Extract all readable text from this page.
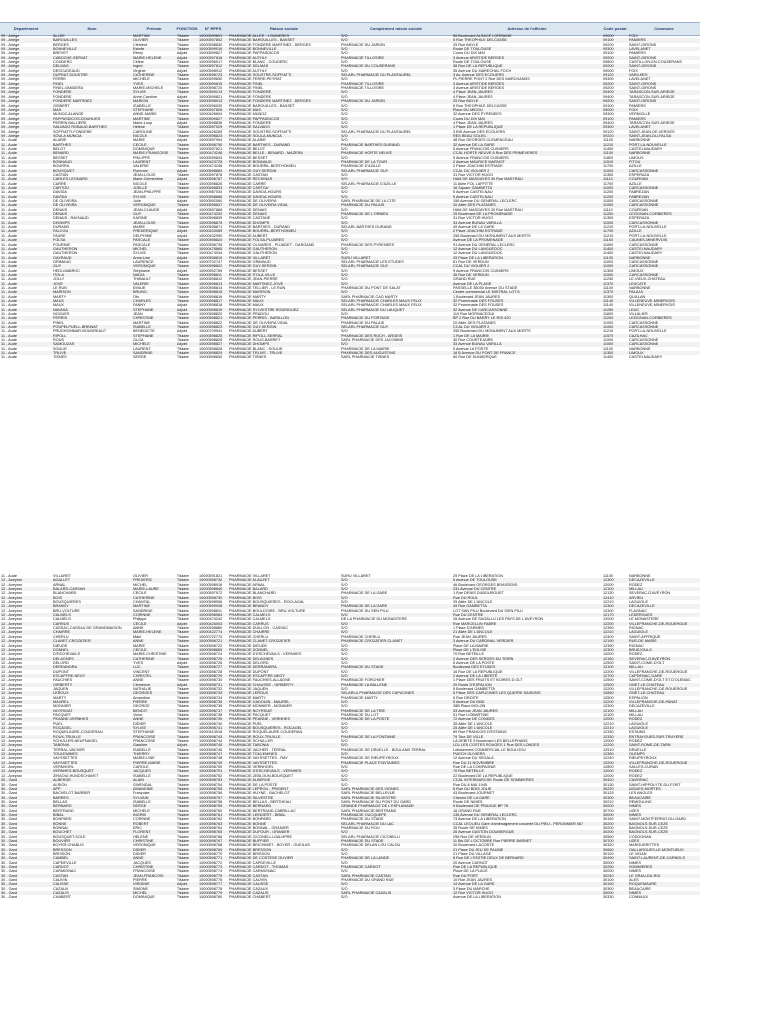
Département	Nom	Prénom	FONCTION	N° RPPS	Raison sociale	Complément raison sociale	Adresse de l'officine	Code postal	Commune
09 - Ariège	ALLEE	MARTINE	Titulaire	10000599801	PHARMACIE ALLEE - LOUBIERES	S/O	66 Boulevard ALSACE LORRAINE	09000	FOIX
09 - Ariège	BAROUILLES	OLIVIER	Titulaire	10000597802	PHARMACIE BAROUILLES - BASSET	S/O	5 Rue THEOPHILE DELCASSE	09100	PAMIERS
09 - Ariège	BERGES	Clément	Titulaire	10000598830	PHARMACIE FONDERE MARTINEZ - BERGES	PHARMACIE DU JARDIN	25 Rue BAYLE	09200	SAINT-GIRONS
09 - Ariège	BONNEVILLE	Estelle	Titulaire	10000599016	PHARMACIE BONNEVILLE	S/O	Route DE TOULOUSE	09300	LAVELANET
09 - Ariège	BREVET	Rémy	Adjoint	10000599827	PHARMACIE PAPPASDICOS	S/O	Cours DU DIX MAI	09100	PAMIERS
09 - Ariège	CABOCHE-SERVAT	MARIE-HELENE	Adjoint	10000597816	PHARMACIE AUTHLY	PHARMACIE TILLOSIRE	3 Avenue ARISTIDE BERGES	09200	SAINT-GIRONS
09 - Ariège	COUDERC	Céline	Titulaire	10000596017	PHARMACIE BLANC - COUDERC	S/O	Route DE TOULOUSE	09800	CASTILLON-EN-COUSERANS
09 - Ariège	DELMAS	Ingrid	Titulaire	10000597812	PHARMACIE DELMAS	PHARMACIE DU COUSERANS	38 Rue DE LA REPUBLIQUE	09200	SAINT-GIRONS
09 - Ariège	DESCUDEAUD	Virginie	Adjoint	10000598912	PHARMACIE AUTHLY	S/O	35 Avenue DU MARECHAL FOCH	09000	FOIX
09 - Ariège	DUPRAT-SOUSTRE	CATHERINE	Titulaire	10000598723	PHARMACIE SOUSTRE-SOFFIATTI	SELARL PHARMACIE DU PLANTAUREL	3 Av. Avenue DES ECOLIERS	09120	VARILHES
09 - Ariège	FERRE	MICHELE	Titulaire	10000599830	PHARMACIE FERRE-PEYRAT	S/O	PL PIERRE PONT 2 Rue DES MARCHANDS	09300	LAVELANET
09 - Ariège	FINEL	YVES	Titulaire	10000599815	PHARMACIE FINEL	PHARMACIE TILLOSIRE	3 Avenue ARISTIDE BERGES	09200	SAINT-GIRONS
09 - Ariège	FINEL-VANDERA	MARIE-MICHELE	Titulaire	10000598720	PHARMACIE FINEL	PHARMACIE TILLOSIRE	3 Avenue ARISTIDE BERGES	09200	SAINT-GIRONS
09 - Ariège	FONDERE	SYLVIE	Titulaire	10000599213	PHARMACIE FONDERE	S/O	4 Place JEAN-JAURES	09400	TARASCON-SUR-ARIEGE
09 - Ariège	FONDERE	Anne-Caroline	Adjoint	10000599821	PHARMACIE FONDERE	S/O	4 Place JEAN-JAURES	09400	TARASCON-SUR-ARIEGE
09 - Ariège	FONDERE MARTINEZ	MARION	Titulaire	10000598913	PHARMACIE FONDERE MARTINEZ - BERGES	PHARMACIE DU JARDIN	25 Rue BAYLE	09200	SAINT-GIRONS
09 - Ariège	GISBERT	ISABELLE	Titulaire	10000596030	PHARMACIE BAROUILLES - BASSET	S/O	5 Rue THEOPHILE DELCASSE	09100	PAMIERS
09 - Ariège	MAS	STEPHANE	Titulaire	10000597826	PHARMACIE MAS	S/O	Place DU MIDOU	09000	FOIX
09 - Ariège	MUNOZ-ALANGE	ANNE-MARIE	Titulaire	10000426604	PHARMACIE MUNOZ	S/O	32 Avenue DES PYRENEES	09300	VERNIOLLE
09 - Ariège	PAPPASDICOS-DOUHLIES	MARTINE	Titulaire	10000599827	PHARMACIE PAPPASDICOS	S/O	Cours DU DIX MAI	09100	PAMIERS
09 - Ariège	PERRIN BALLIERE	Marie-Loup	Adjoint	10000598836	PHARMACIE FONDERE	S/O	4 Place JEAN-JAURES	09400	TARASCON-SUR-ARIEGE
09 - Ariège	SALVADO ROBAUD-BARTHES	Hélène	Titulaire	10000597029	PHARMACIE SALVADO	S/O	1 Place DE LA REPUBLIQUE	09300	LAVELANET
09 - Ariège	SOFFIATTI-FONDERE	CAROLINE	Titulaire	10000426265	PHARMACIE SOUSTRE-SOFFIATTI	SELARL PHARMACIE DU PLANTAUREL	3 BIS Avenue DES ECOLIERS	09120	SAINT-JEAN-DE-VERGES
09 - Ariège	SOULA MUNCIA	NICOLE	Titulaire	10000598823	PHARMACIE SOULA-MUNCIA	S/O	RES BEAU SOLEIL	09220	SAINT-JEAN-DU-FALGA
11 - Aude	ALARIE	MARIE	Adjoint	10000597994	PHARMACIE ALARIE	S/O	48 Rue GEORGES CLEMENCEAU	11100	NARBONNE
11 - Aude	BARTHES	CECILE	Titulaire	10000598750	PHARMACIE BARTHES - DURAND	PHARMACIE BARTHES DURAND	32 Avenue DE LA GARE	11210	PORT-LA-NOUVELLE
11 - Aude	BELOT	DOMINIQUE	Titulaire	10000597821	PHARMACIE BELOT	S/O	5 Avenue FRANCOIS CUINIERS	11400	CASTELNAUDARY
11 - Aude	BENARD	MARIE-FRANCOISE	Titulaire	10000474246	PHARMACIE BELLE - BENARD - MAZERA	PHARMACIE HORTE NEUVE	CCAL HORTE NEUVE 6 Rue DES PRIMEVERES	11100	NARBONNE
11 - Aude	BESSET	PHILIPPE	Titulaire	10000599843	PHARMACIE BESSET	S/O	9 Avenue FRANCOIS CUINIERS	11800	LIMOUX
11 - Aude	BONNAUD	LAURENT	Titulaire	10000423725	PHARMACIE BONNAUD	PHARMACIE DE LA TOUR	2 Avenue MAURICE MARNOT	11510	FITOU
11 - Aude	BOURRIL	VALERIE	Titulaire	10000474246	PHARMACIE BOURRIL-BERTHOMIEU	PHARMACIE D'AZILLE	2 Place JOACHIM ESTRADE	11700	AZILLE
11 - Aude	BOUSQUET	Florence	Adjoint	10000598883	PHARMACIE GUY-SERGIN	SELARL PHARMACIE GUY	CCAL DU VIGUIER 2	11000	CARCASSONNE
11 - Aude	CASTAN	JEAN-LOUIS	Titulaire	10000597878	PHARMACIE CASTAN	S/O	31 Rue VICTOR HUGO	11300	ESPERAZA
11 - Aude	CARLES LEONARD	Marie-Clémentine	Adjoint	10000598787	PHARMACIE RECHINAS	S/O	HAM DE MASGAYES 30 Rue MASTRAU	11110	COURSAN
11 - Aude	CARRE	NICOLE	Titulaire	10000598826	PHARMACIE CARRE	SELARL PHARMACIE D'AZILLE	11 Allée FOL LAFFITTE	11700	AZILLE
11 - Aude	CARTOU	JOELLE	Titulaire	10000598833	PHARMACIE CARTOU	S/O	16 Square GAMBETTA	11000	CARCASSONNE
11 - Aude	DAVIDA	JEAN-PHILIPPE	Titulaire	10000987034	PHARMACIE DAVIDA-HOURS	S/O	5 Avenue CASTELNAU	11200	FABREZAN
11 - Aude	DAVIDA	SYLVIE	Titulaire	10000598886	PHARMACIE DAVIDA-HOURS	S/O	5 Avenue CASTELNAU	11200	FABREZAN
11 - Aude	DE OLIVEIRA	Julie	Adjoint	10000592060	PHARMACIE DE OLIVEIRA	SARL PHARMACIE DE LA CITE	156 Avenue DU GENERAL LECLERC	11000	CARCASSONNE
11 - Aude	DE OLIVEIRA	VERONIQUE	Titulaire	10000598837	PHARMACIE DE OLIVEIRA VIDAL	PHARMACIE DU PALAIS	20 Allée DES PLATANES	11000	CARCASSONNE
11 - Aude	DENAIS	JEAN-CLAUDE	Adjoint	10000597868	PHARMACIE DENAIS	S/O	HAM DE MASGAYES 30 Rue MASTRAU	11110	COURSAN
11 - Aude	DENAIS	GUY	Titulaire	10000474202	PHARMACIE DENAIS	PHARMACIE DE L'ORBIEU	25 Boulevard DE LA PROMENADE	11200	LEZIGNAN-CORBIERES
11 - Aude	DENAIS - RAYNAUD	KARINE	Titulaire	10000598839	PHARMACIE CASTANE	S/O	31 Rue VICTOR HUGO	11300	ESPERAZA
11 - Aude	DHOMPS	JEAN-LOUIS	Titulaire	10000598875	PHARMACIE DHOMPS	S/O	33 Avenue BUNAU VARILLA	11000	CARCASSONNE
11 - Aude	DURAND	MARIE	Titulaire	10000598871	PHARMACIE BARTHES - DURAND	SELARL BARTHES DURAND	49 Avenue DE LA GARE	11210	PORT-LA-NOUVELLE
11 - Aude	FALCOU	FREDERIQUE	Adjoint	10000433089	PHARMACIE BOURRIL-BERTHOMIEU	S/O	2 Place JOACHIM ESTRADE	11700	AZILLE
11 - Aude	FAURE	DELPHINE	Adjoint	10000432990	PHARMACIE AUBERT	S/O	255 Boulevard DU MONUMENT AUX MORTS	11210	PORT-LA-NOUVELLE
11 - Aude	FOLSA	PASCALE	Titulaire	10000598820	PHARMACIE FOLSA-PUJARES	S/O	Avenue DE LA PROMENADE	11160	CAUNES-MINERVOIS
11 - Aude	FOURNIE	PASCALE	Titulaire	10000598735	PHARMACIE OLIVARES - PUJADET - DARGAND	PHARMACIE DES PYRENEES	91 Avenue DU GENERAL LECLERC	11000	CARCASSONNE
11 - Aude	GAUTHERON	MICHEL	Titulaire	10000478865	PHARMACIE GAUTHERON	S/O	12 Avenue DU LANGUEDOC	11400	CASTELNAUDARY
11 - Aude	GAUTHERON	SYLVIE	Titulaire	10000474034	PHARMACIE GAUTHERON	S/O	12 Avenue DU LANGUEDOC	11400	CASTELNAUDARY
11 - Aude	GAYRAUD	Anne-Lise	Adjoint	10000598810	PHARMACIE VILLARET	SURU VILLARET	25 Place DE LA LIBERATION	11100	NARBONNE
11 - Aude	GRIMAUD	LAURENCE	Titulaire	10000702747	PHARMACIE GRIMAUD	SELARL PHARMACIE LES ETUDES	81 Rue DE VERDUN	11000	CARCASSONNE
11 - Aude	GUY	VERONIQUE	Titulaire	10000598822	PHARMACIE GUY-SERGIN	SELARL PHARMACIE GUY	CCAL DU VIGUIER 2	11000	CARCASSONNE
11 - Aude	HEDI-MABROC	Stéphanie	Adjoint	10000592789	PHARMACIE BESSET	S/O	9 Avenue FRANCOIS CUINIERS	11300	LIMOUX
11 - Aude	ITOLA	NADIA	Titulaire	10000598811	PHARMACIE ITOLA-VILLE	S/O	36 Rue DE VERDUN	11000	CARCASSONNE
11 - Aude	JOLLY	THIBAULT	Titulaire	10000598812	PHARMACIE JEAN-PIERRE	S/O	GRAND RUE	11230	LE-VIEUX-CHATEAU
11 - Aude	JOVE	VALERIE	Titulaire	10000598813	PHARMACIE MARTINEZ-JOVE	S/O	Avenue DE LA PLAGE	11370	LEUCATE
11 - Aude	LE RUN	EMILIE	Titulaire	10000598814	PHARMACIE TELLIER - LE RUN	PHARMACIE DU PONT DE SALAT	PASSELLE 35030 Avenue DU STADE	11100	NARBONNE
11 - Aude	MARISON	BRUNO	Titulaire	10000598815	PHARMACIE MARISON	S/O	Centre commercial LE MISTRAL LOT 8	11370	PALAJA
11 - Aude	MARTY	Oto	Titulaire	10000598816	PHARMACIE MARTY	SARL PHARMACIE CAO MARTY	1 Boulevard JEAN JAURES	11300	QUILLAN
11 - Aude	MAUX	CHARLES	Titulaire	10000598817	PHARMACIE MAUX	SELARL PHARMACIE CHARLES MAUX FELIX	32 Promenade DES FOUSES	11140	VILLENEUVE-MINERVOIS
11 - Aude	MAUX	FANNY	Adjoint	10000598818	PHARMACIE MAUX	SELARL PHARMACIE CHARLES MAUX FELIX	32 Promenade DES FOUSES	11140	VILLENEUVE-MINERVOIS
11 - Aude	NAVASA	STEPHANE	Adjoint	10000598819	PHARMACIE SYLVESTRE RODRIGUEZ	SELARL PHARMACIE DU LAUQUET	32 Avenue DE CARCASSONNE	11250	LEUC
11 - Aude	NOGUES	JEAN	Titulaire	10000598820	PHARMACIE PRADOU	S/O	110 Rue MORNACEGUI	11600	VILLALIER
11 - Aude	PERRIS	CHRISTINE	Titulaire	10000598821	PHARMACIE PERRIS - BARILLON	PHARMACIE DU PORTAGE	BP 2 Rue DU BARRY LE ROI 420	11200	LEZIGNAN-CORBIERES
11 - Aude	PINEL	MARTINE	Titulaire	10000598822	PHARMACIE DE OLIVEIRA VIDAL	PHARMACIE DU PALAIS	20 Allée DES PLATANES	11000	CARCASSONNE
11 - Aude	POUPELPUELL-BREINAT	ISABELLE	Titulaire	10000598823	PHARMACIE GUY-SERGIN	SELARL PHARMACIE GUY	CCAL DU VIGUIER 2	11000	CARCASSONNE
11 - Aude	PRUDHOMMAR-BOUDREAUT	BENEDICTE	Adjoint	10000709941	PHARMACIE AUBERT	S/O	255 Boulevard DU MONUMENT AUX MORTS	11210	PORT-LA-NOUVELLE
11 - Aude	RIPOLL	STEPHANE	Titulaire	10000598825	PHARMACIE RIPOLL-SERRAL	PHARMACIE DES ROCH - ARGEIS	1 Rue DE LA MAIRIE	11570	CAZILHAC
11 - Aude	ROUS	OLGA	Titulaire	10000598826	PHARMACIE ROUS-BARRET	SARL PHARMACIE DES JACOBINS	30 Rue COURTEJAIRE	11000	CARCASSONNE
11 - Aude	SAMOUZAS	MICHELE	Adjoint	10000598827	PHARMACIE DHOMPS	S/O	33 Avenue BUNAU VARILLA	11000	CARCASSONNE
11 - Aude	SOULIE	LAURENT	Titulaire	10000598828	PHARMACIE BLANC - SOULIE	PHARMACIE DE LA MAIRIE	5 Avenue LA POSTE	11100	NARBONNE
11 - Aude	TRLIVE	SANDRINE	Titulaire	10000598829	PHARMACIE TRLIVE - TRLIVE	PHARMACIE DES AUGUSTINS	18 B Avenue DU PONT DE FRANCE	11300	LIMOUX
11 - Aude	TISNES	SERGE	Titulaire	10000598830	PHARMACIE TISNES	SARL PHARMACIE TISNES	60 Rue DE DUNKERQUE	11400	CASTELNAUDARY
11 - Aude	VILLARET	OLIVIER	Titulaire	10000591821	PHARMACIE VILLARET	SURU VILLARET	25 Place DE LA LIBERATION	11100	NARBONNE
12 - Aveyron	AGALLET	FREDERIC	Titulaire	10000598732	PHARMACIE ALAUZET	S/O	5 Avenue DE TOULOUSE	12300	DECAZEVILLE
12 - Aveyron	ARNAL	MICHEL	Titulaire	10000598916	PHARMACIE ARNAL	S/O	46 Boulevard GEORGES BRASSENS	12000	RODEZ
12 - Aveyron	BALARD-CASSAN	MARIE-LAURE	Titulaire	10000598840	PHARMACIE BALARD	S/O	231 Avenue DU CENTRE	12100	MILLAU
12 - Aveyron	BLANCHARD	CECILE	Titulaire	10000597972	PHARMACIE BLANCHARD	PHARMACIE DE LA GARE	1 Rue DENIS DUBOUROUET	12130	SEVERAC-D'AVEYRON
12 - Aveyron	BOIS	CATHERINE	Titulaire	10000598730	PHARMACIE BOIS	S/O	Rue DU ROUL	12410	ARVIEU
12 - Aveyron	BOUSQUIERES	CHANTAL	Titulaire	10000598956	PHARMACIE BOUSQUIERES - ROCLAGAL	S/O	25 Allée DE L'ANCOLE	12210	LAGUIOLE
12 - Aveyron	BRANDY	MARTINE	Titulaire	10000599008	PHARMACIE BRANDY	PHARMACIE DE LA GARE	49 Rue GAMBETTA	12300	DECAZEVILLE
12 - Aveyron	BRU-VOLTURE	SANDRINE	Titulaire	10000598811	PHARMACIE BOULDOIRE - BRU-VOLTURE	PHARMACIE DU SEN PILU	LOT SAN PILU Boulevard DU SIEN PILU	12300	FLAGNAC
12 - Aveyron	CALMELS	CORINNE	Titulaire	10000598984	PHARMACIE CALMELS	S/O	Rue DU CENTRE	12170	LEDERGUES
12 - Aveyron	CALMELS	Philippe	Titulaire	10000474242	PHARMACIE CALMELS	DE LA PHARMACIE DU MONASTERE	26 Avenue DE SAGALLU LES PAYS DE L'AVEYRON	12000	LE MONASTERE
12 - Aveyron	CARRUS	CECILE	Adjoint	10000426003	PHARMACIE CARRUS	S/O	Rue MARCELLIN FABRE	12200	VILLEFRANCHE-DE-ROUERGUE
12 - Aveyron	CASSAC-CASSAU DE GRANDMAISON	ANNE	Titulaire	10000598880	PHARMACIE DUILLON - CASSAC	S/O	1 Place D'ARMES	12390	RIGNAC
12 - Aveyron	CHAIRRE	MARIE-HELENE	Titulaire	10000422774	PHARMACIE CHAIRRE	S/O	21 Allée DE L'ANCOLE	12210	LAGUIOLE
12 - Aveyron	CHERLU	Mairi	Titulaire	10000722770	PHARMACIE CHERLU	PHARMACIE CHERLU	Rue JEAN JAURES	12400	SAINT-AFFRIQUE
12 - Aveyron	CLANET-CROZATIER	ANNE	Titulaire	10000598721	PHARMACIE CLANET-CROZATIER	PHARMACIE CROZATIER-CLANET	3 Avenue DU CARDINAL VERDIER	12190	RUE-DE-MARIE
12 - Aveyron	DIEUDE	MARIE	Titulaire	10000598722	PHARMACIE DIEUDE	S/O	Place DE LA MAIRIE	12390	RIGNAC
12 - Aveyron	DONNEL	CECILE	Titulaire	10000598865	PHARMACIE DONNEL	S/O	Place DE L'EGLISE	12300	BRUEJOULS
12 - Aveyron	D'ESCHEVAILS	MARIE-CHRISTINE	Titulaire	10000598724	PHARMACIE D'ESCHEVAILS - VERNHES	S/O	70 Rue BETEILLE	12000	RODEZ
12 - Aveyron	DELAGNES	CATHERINE	Titulaire	10000598725	PHARMACIE DELAGNES	S/O	2 Avenue DES SERGES DU TEIRN	12150	SEVERAC-D'AVEYRON
12 - Aveyron	DELORD	YVES	Adjoint	10000598726	PHARMACIE DELORD	S/O	5 Avenue DE LA POSTE	12500	SAINT-COME-D'OLT
12 - Aveyron	DERRANDRA	LUC	Titulaire	10000598727	PHARMACIE DERRANDRA	PHARMACIE DU STADE	Boulevard DES ETUDES	12100	MILLAU
12 - Aveyron	DUPONT	VINCENT	Titulaire	10000598728	PHARMACIE DUPONT	S/O	16 Rue DE LA REPUBLIQUE	12200	VILLEFRANCHE-DE-ROUERGUE
12 - Aveyron	ESCAFFRE-NEGY	CHRISTEL	Titulaire	10000598729	PHARMACIE ESCAFFRE-NEGY	S/O	2 Avenue DE LA LIBERTE	12700	CAPDENAC-GARE
12 - Aveyron	FAUCHIES	ANNE	Titulaire	10000598730	PHARMACIE FAUCHIES-ALLAGNE	PHARMACIE FORCHIER	1 Place DES FRUITS ET BOIRES D OLT	12500	SAINT-COME-D'OLT ET D'OLEMAC
12 - Aveyron	GIRBERTY	Clémence	Adjoint	10000598731	PHARMACIE CHAUSSE - GIRBERTY	PHARMACIE LA BALLENE	20 Route D'ESPALION	12500	ONET-LE-CHATEAU
12 - Aveyron	JAQUEN	NATHALIE	Titulaire	10000598732	PHARMACIE JAQUEN	S/O	5 Boulevard GAMBETTA	12200	VILLEFRANCHE-DE-ROUERGUE
12 - Aveyron	LEROUX	GEORGES	Titulaire	10000598733	PHARMACIE LEROUX	SELARLU PHARMACIE DES CAPUCINES	5 Place DES CAPUCINES LES QUATRE SAISONS	12850	ONET-LE-CHATEAU
12 - Aveyron	MARTY	Amandine	Titulaire	10000598734	PHARMACIE MARTY	PHARMACIE MARTY	5 Rue DROITE	12500	ESPALION
12 - Aveyron	MAUREL	PIERRE	Titulaire	10000598735	PHARMACIE GADOUIN - MAUREL	S/O	5 Avenue DU MIDI	12200	VILLEFRANCHE-DE-PANAT
12 - Aveyron	MONNIER	GEORGE	Titulaire	10000598736	PHARMACIE MONNIER - MONNIER	S/O	28B Place MOLON	12300	DECAZEVILLE
12 - Aveyron	NOYRIGAT	BENOIT	Titulaire	10000598737	PHARMACIE NOYRIGAT	PHARMACIE DE LA TRIE	33 Avenue JEAN JAURES	12100	MILLAU
12 - Aveyron	PACQUET	Victor	Titulaire	10000598738	PHARMACIE PACQUET	PHARMACIE DU LOT	51 Rue LIOBARTINE	12100	MILLAU
12 - Aveyron	PEANNE-VERNHES	ANNE	Titulaire	10000598739	PHARMACIE PEANNE - VERNHES	PHARMACIE DE LA POSTE	72 Avenue DE CONDES	12000	RODEZ
12 - Aveyron	PUEL	DIDIER	Titulaire	10000598740	PHARMACIE PUEL	S/O	35 Allée DE L'ANCOLE	12210	LAGUIOLE
12 - Aveyron	ROCAGEL	SYLVIE	Titulaire	10000598741	PHARMACIE BOUSQUIERES - ROCAGEL	S/O	25 Allée DE L'ANCOLE	12210	LAGUIOLE
12 - Aveyron	ROQUELAURE-COUDERAN	STEPHANIE	Titulaire	10000413918	PHARMACIE ROQUELAURE-COUDERAN	S/O	89 Rue FRANCOIS D'ESTAING	12330	ESTAING
12 - Aveyron	ROUX-TRUILLE	FRANCOISE	Titulaire	10000598743	PHARMACIE ROUX-TRUILLE	PHARMACIE DE LA FONTAINE	79 Tour DE VILLE	12330	ENTRAYGUES-SUR-TRUYERE
12 - Aveyron	SCHULLER-NEUFNAGEL	FRANCOISE	Titulaire	10000598744	PHARMACIE SCHULLER	S/O	LA DEBITE 9 Boulevard LES BELLEPHANS	12000	RODEZ
12 - Aveyron	TABONIA	Gauthier	Adjoint	10000598745	PHARMACIE TABONIA	S/O	LD1 LES COSTES ROUGES 1 Rue DES LONGES	12200	SAINT-ROME-DE-TARN
12 - Aveyron	TERRAL-VACHER	ISABELLE	Titulaire	10000598746	PHARMACIE VACHER - TERRAL	PHARMACIE DE DRUELLE - BOULAND TERRAL	Lotissement COMMERCIAL LE BOULOOU	12510	DRUELLE
12 - Aveyron	TOULEMINES	THIERRY	Titulaire	10000598747	PHARMACIE TOULEMINES	S/O	PUECH OLIVIERS	12350	OLEMPS
12 - Aveyron	VAYSSETTES	MARIE-LINE	Titulaire	10000598748	PHARMACIE VAYSSETTES - RAY	PHARMACIE DE RIEUPEYROUX	12 Avenue DU SEGALA	12240	RIEUPEYROUX
12 - Aveyron	VAYSSETTES	PIERRE-MARIE	Titulaire	10000598749	PHARMACIE VAYSSETTES	PHARMACIE PLACE FONTAINES	Rue DU 11 NOVEMBRE	12200	VILLEFRANCHE-DE-ROUERGUE
12 - Aveyron	VERNHORL	CAROLE	Titulaire	10000598750	PHARMACIE VERNHORL	S/O	Rue DE LA COMPAGNIE	12800	SALLES-CURAN
12 - Aveyron	VERNHES-BOUSQUET	JACQUES	Titulaire	10000598751	PHARMACIE D'ESCHEVAILS - VERNHES	S/O	70 Rue BETEILLE	12000	RODEZ
12 - Aveyron	ZIRAOUI-HUNDSCHAVET	ISABELLE	Titulaire	10000598752	PHARMACIE ZEBLOUN-BOUSQUET	S/O	22 Boulevard DE LA REPUBLIQUE	12000	RODEZ
30 - Gard	ALBERGE	ALAIN	Titulaire	10000598753	PHARMACIE ALBERGE	S/O	CCAL INTERMARCHE Route DE SOMMIERES	30420	CAVEIRAC
30 - Gard	ALRIOU	GWENDAL	Titulaire	10000598754	PHARMACIE DE LA POSTE	S/O	Rue DU 8 MAI 1945	30130	SAINT-HIPPOLYTE-DU-FORT
30 - Gard	APP	AMANDINE	Titulaire	10000598755	PHARMACIE LEPROU - PRIGENT	SARL PHARMACIE DES VIGNES	8 Rue DU BOIS JOLIE	30220	AIGUES-MORTES
30 - Gard	BACHELOT BARBER	Françoise	Titulaire	10000598756	PHARMACIE HUYNE - BACHELOT	SARL PHARMACIE BELLEVUE	43 Boulevard JOURNET	30133	LES ANGLES
30 - Gard	BARRES	SYLVAIN	Titulaire	10000598757	PHARMACIE SILVESTRE	SARL PHARMACIE SILVESTRE	Chemin DE LA GARE	30300	BEAUCAIRE
30 - Gard	BELLAS	ISABELLE	Titulaire	10000598758	PHARMACIE BELLAS - BERTHEAU	SARL PHARMACIE DU PONT DU GARD	Route DE NIMES	30210	REMOULINS
30 - Gard	BERNARD	SERGE	Titulaire	10000598759	PHARMACIE BERNARD	GRANDE PHARMACIE DE L'ESPLANADE	9 Boulevard DE PRAGUE BP 78	30000	NIMES
30 - Gard	BERTRAND	MICHELE	Titulaire	10000598760	PHARMACIE BERTRAND-CABRILLAC	SARL PHARMACIE BERTRAND	16 GRAND RUE	30700	UZES
30 - Gard	BIBAL	INGRID	Titulaire	10000598761	PHARMACIE LEINGERT - BIBAL	PHARMACIE OUCQUEPE	135 Avenue DU GENERAL LECLERC	30000	NIMES
30 - Gard	BONPARD	CORINNE	Titulaire	10000598762	PHARMACIE BONPARD	PHARMACIE DU STADE	73 Avenue DE LA LIBERATION	30150	SAINT-MONTFERRAT-DU-GARD
30 - Gard	BONNE	ROBERT	Titulaire	10000598763	PHARMACIE BONNE	SELARL PHARMACIE DU LAC	CCAL LEOLIEU Gare d'aménagement concerté DU PIEU - PERONNIER 067	30200	BAGNOLS-SUR-CEZE
30 - Gard	BONNAL	ERIC	Titulaire	10000598764	PHARMACIE BONNAL - GRANIER	PHARMACIE DU ROU	35 Route DE NIMES	30200	BAGNOLS-SUR-CEZE
30 - Gard	BOUCHET	FLORENT	Titulaire	10000598765	PHARMACIE DUFOUR - GRANIER	S/O	26 Avenue GASTON DOUMERGUE	30200	BAGNOLS-SUR-CEZE
30 - Gard	BOUSQUET-SOLE	HELENE	Titulaire	10000598766	PHARMACIE CICONELLI-GALHPRE	SELARL PHARMACIE CICONELLI	256 Rue DE VERDUN	30560	CODOGNAN
30 - Gard	BOUVIER	CHRISTINE	Titulaire	10000598767	PHARMACIE BUFFIER	PHARMACIE DU STADE	11 Bis DE L'OCTOBRE Rue PIERRE BARNET	30700	UZES
30 - Gard	BOYER-CHABLIS	VERONIQUE	Titulaire	10000598768	PHARMACIE BRICHMIST - BOYER - GUEILAS	PHARMACIE DELAN LOU CALOU	20 Boulevard LACOSTE	30320	MARGUERITTES
30 - Gard	BRESSON	DIDIER	Titulaire	10000598769	PHARMACIE BRESSON	S/O	21 Place DU JEU DE PAUME	30660	GALLARGUES-LE-MONTUEUX
30 - Gard	BRISSON	DIDIER	Titulaire	10000598770	PHARMACIE BRISSON	S/O	21 Place DU VILLAGE	30120	LE VIGAN
30 - Gard	CAMBEL	ANNE	Titulaire	10000598771	PHARMACIE DE COSTESE OLIVIER	PHARMACIE DE LA LANDE	8 Rue DE L'ENTRE DEUX DE BERNARD	30490	SAINT-LAURENT-DE-CARNOLS
30 - Gard	CAPDEVILLE	JACQUES	Titulaire	10000598772	PHARMACIE CAPDEVILLE	S/O	20 Avenue CARNOT	30000	NIMES
30 - Gard	CARDOT	CHRISTINE	Titulaire	10000598773	PHARMACIE CARDOT - THOMAS	PHARMACIE CARDOT	Rue DE LA REPUBLIQUE	30250	SOMMIERES
30 - Gard	CARMIGNAC	FRANCOISE	Titulaire	10000598774	PHARMACIE CARMIGNAC	S/O	Place DE LA PLACE	30000	NIMES
30 - Gard	CASTAN	JEAN-FRANCOIS	Titulaire	10000598775	PHARMACIE CASTAN	SARL PHARMACIE CASTAN	Rue DU PORT	30240	LE GRAU-DU-ROI
30 - Gard	CAUVIN	PIERRE	Titulaire	10000598776	PHARMACIE CAUVIN	PHARMACIE DU GRAND RUE	10 Rue JEAN JAURES	30100	ALES
30 - Gard	CAUSSE	VIRGINIE	Adjoint	10000598777	PHARMACIE CAUSSE	S/O	14 Avenue DE LA GARE	30150	ROQUEMAURE
30 - Gard	CAZAUX	SIMONE	Titulaire	10000598778	PHARMACIE CAZAUX	S/O	3 Place DU MARCHE	30300	BEAUCAIRE
30 - Gard	CAZALIS	MICHEL	Titulaire	10000598779	PHARMACIE CAZALIS	SARL PHARMACIE CAZALIS	12 Rue VICTOR HUGO	30000	NIMES
30 - Gard	CHABERT	DOMINIQUE	Titulaire	10000598780	PHARMACIE CHABERT	S/O	Avenue DE LA LIBERATION	30330	CONNAUX
